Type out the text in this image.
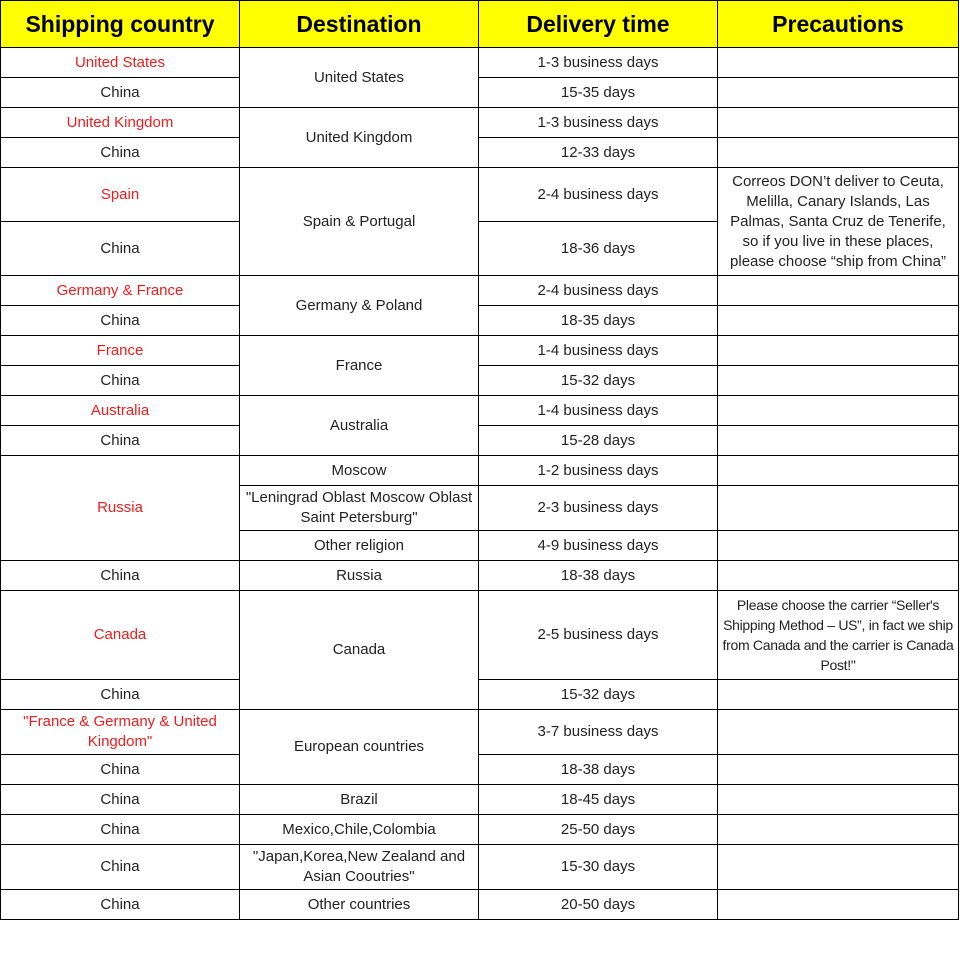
Shipping country	Destination	Delivery time	Precautions
United States	United States	1-3 business days	
China		15-35 days	
United Kingdom	United Kingdom	1-3 business days	
China		12-33 days	
Spain	Spain & Portugal	2-4 business days	Correos DON’t deliver to Ceuta, Melilla, Canary Islands, Las Palmas, Santa Cruz de Tenerife, so if you live in these places, please choose “ship from China”
China		18-36 days	
Germany & France	Germany & Poland	2-4 business days	
China		18-35 days	
France	France	1-4 business days	
China		15-32 days	
Australia	Australia	1-4 business days	
China		15-28 days	
Russia	Moscow	1-2 business days	
	"Leningrad Oblast Moscow Oblast Saint Petersburg"	2-3 business days	
	Other religion	4-9 business days	
China	Russia	18-38 days	
Canada	Canada	2-5 business days	Please choose the carrier “Seller's Shipping Method – US”, in fact we ship from Canada and the carrier is Canada Post!"
China		15-32 days	
"France & Germany & United Kingdom"	European countries	3-7 business days	
China		18-38 days	
China	Brazil	18-45 days	
China	Mexico,Chile,Colombia	25-50 days	
China	"Japan,Korea,New Zealand and Asian Cooutries"	15-30 days	
China	Other countries	20-50 days	
